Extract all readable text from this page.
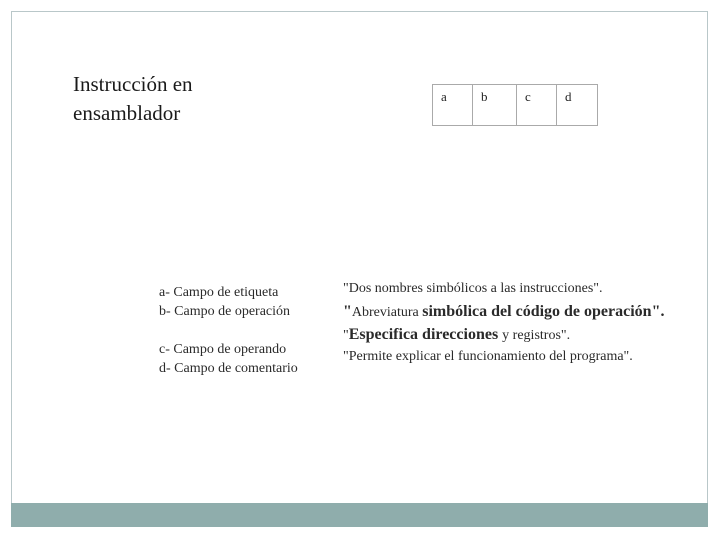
Instrucción en
ensamblador
a	b	c	d
a- Campo de etiqueta
b- Campo de operación
c- Campo de operando
d- Campo de comentario
"Dos nombres simbólicos a las instrucciones".
"Abreviatura simbólica del código de operación".
"Especifica direcciones y registros".
"Permite explicar el funcionamiento del programa".
